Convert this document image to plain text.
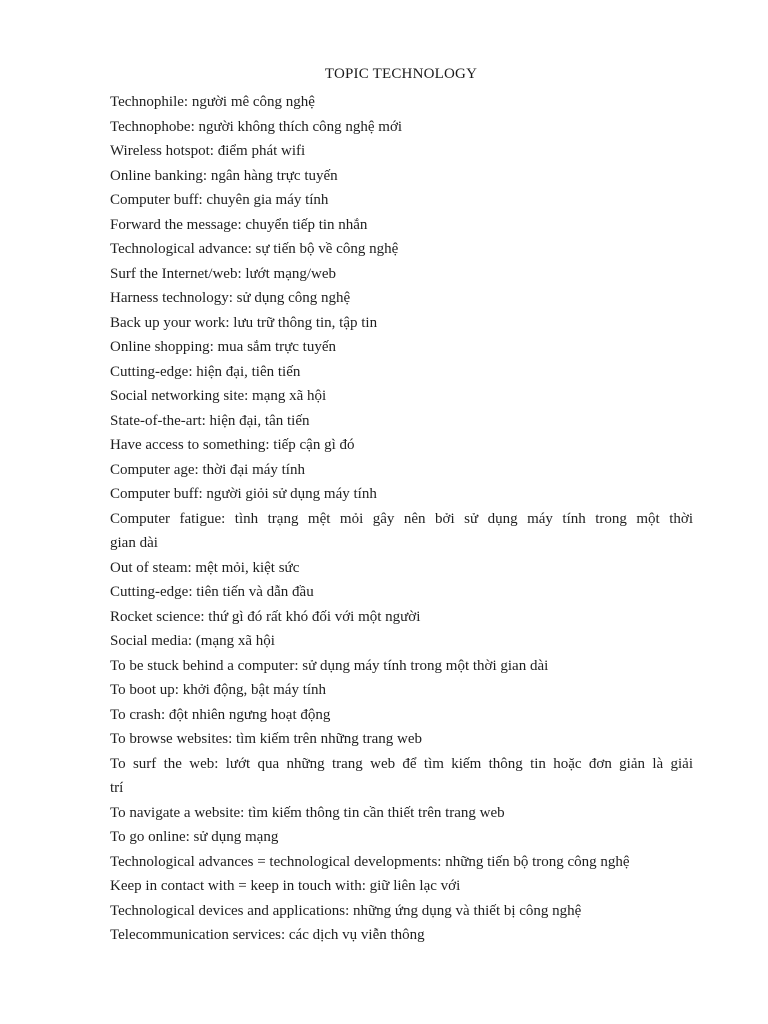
TOPIC TECHNOLOGY
Technophile: người mê công nghệ
Technophobe: người không thích công nghệ mới
Wireless hotspot: điểm phát wifi
Online banking: ngân hàng trực tuyến
Computer buff: chuyên gia máy tính
Forward the message: chuyển tiếp tin nhắn
Technological advance: sự tiến bộ về công nghệ
Surf the Internet/web: lướt mạng/web
Harness technology: sử dụng công nghệ
Back up your work: lưu trữ thông tin, tập tin
Online shopping: mua sắm trực tuyến
Cutting-edge: hiện đại, tiên tiến
Social networking site: mạng xã hội
State-of-the-art: hiện đại, tân tiến
Have access to something: tiếp cận gì đó
Computer age: thời đại máy tính
Computer buff: người giỏi sử dụng máy tính
Computer fatigue: tình trạng mệt mỏi gây nên bởi sử dụng máy tính trong một thời
gian dài
Out of steam: mệt mỏi, kiệt sức
Cutting-edge: tiên tiến và dẫn đầu
Rocket science: thứ gì đó rất khó đối với một người
Social media: (mạng xã hội
To be stuck behind a computer: sử dụng máy tính trong một thời gian dài
To boot up: khởi động, bật máy tính
To crash: đột nhiên ngưng hoạt động
To browse websites: tìm kiếm trên những trang web
To surf the web: lướt qua những trang web để tìm kiếm thông tin hoặc đơn giản là giải
trí
To navigate a website: tìm kiếm thông tin cần thiết trên trang web
To go online: sử dụng mạng
Technological advances = technological developments: những tiến bộ trong công nghệ
Keep in contact with = keep in touch with: giữ liên lạc với
Technological devices and applications: những ứng dụng và thiết bị công nghệ
Telecommunication services: các dịch vụ viễn thông
